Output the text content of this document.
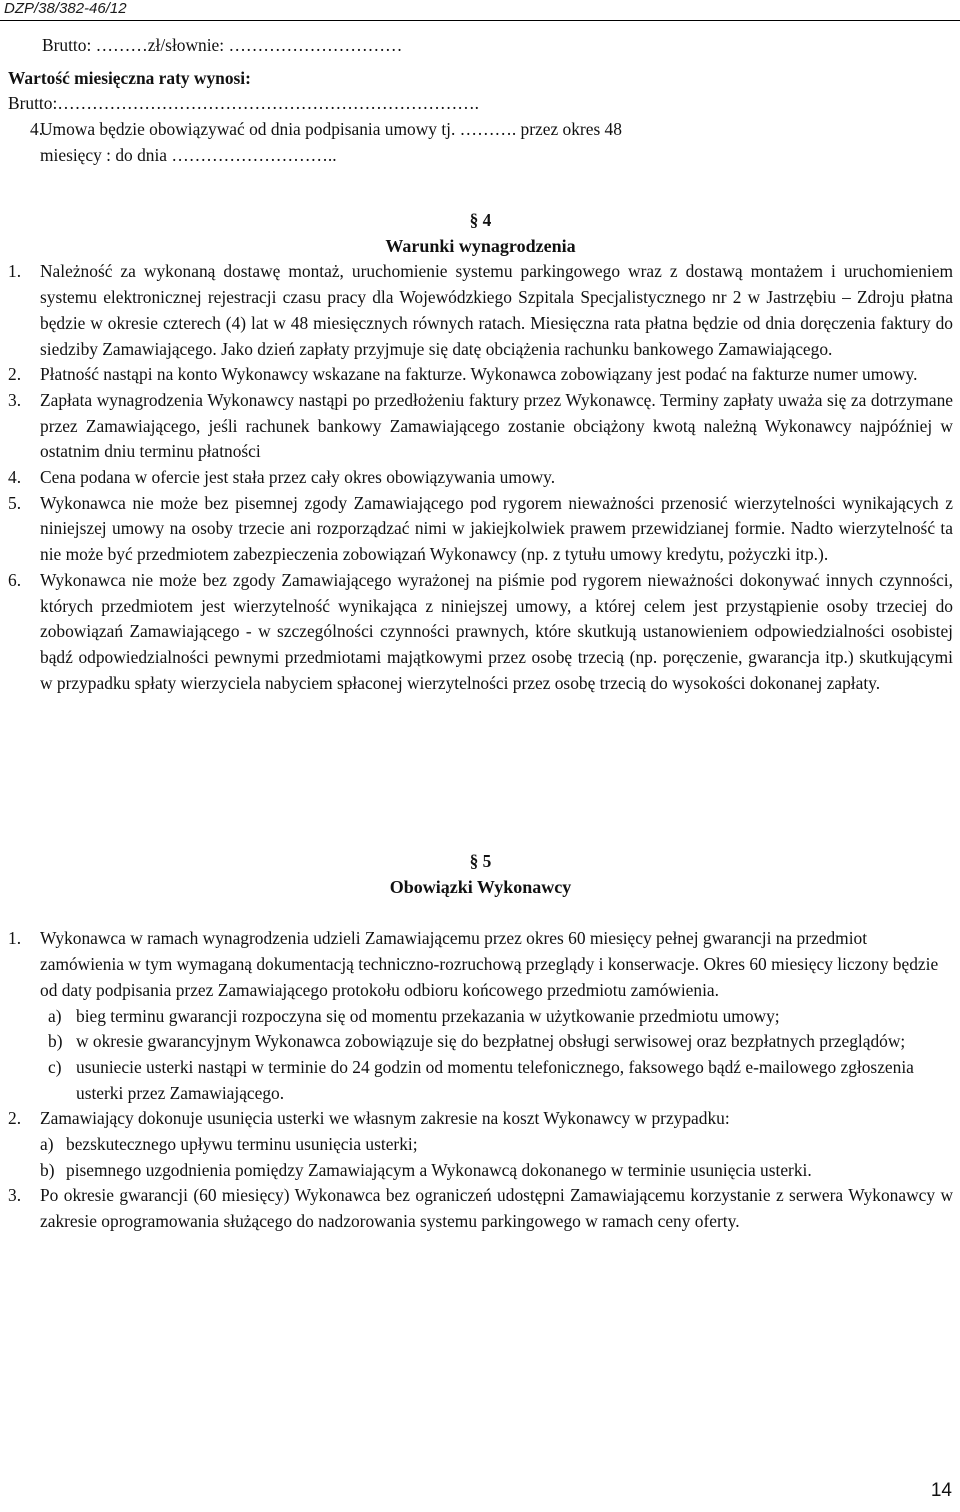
DZP/38/382-46/12
Brutto: ………zł/słownie: …………………………
Wartość miesięczna raty wynosi:
Brutto:……………………………………………………………….
4.
Umowa będzie obowiązywać od dnia podpisania umowy tj. ………. przez okres 48
miesięcy : do dnia ………………………..
§ 4
Warunki wynagrodzenia
1. Należność za wykonaną dostawę montaż, uruchomienie systemu parkingowego wraz z dostawą montażem i uruchomieniem systemu elektronicznej rejestracji czasu pracy dla Wojewódzkiego Szpitala Specjalistycznego nr 2 w Jastrzębiu – Zdroju płatna będzie w okresie czterech (4) lat w 48 miesięcznych równych ratach. Miesięczna rata płatna będzie od dnia doręczenia faktury do siedziby Zamawiającego. Jako dzień zapłaty przyjmuje się datę obciążenia rachunku bankowego Zamawiającego.
2. Płatność nastąpi na konto Wykonawcy wskazane na fakturze. Wykonawca zobowiązany jest podać na fakturze numer umowy.
3. Zapłata wynagrodzenia Wykonawcy nastąpi po przedłożeniu faktury przez Wykonawcę. Terminy zapłaty uważa się za dotrzymane przez Zamawiającego, jeśli rachunek bankowy Zamawiającego zostanie obciążony kwotą należną Wykonawcy najpóźniej w ostatnim dniu terminu płatności
4. Cena podana w ofercie jest stała przez cały okres obowiązywania umowy.
5. Wykonawca nie może bez pisemnej zgody Zamawiającego pod rygorem nieważności przenosić wierzytelności wynikających z niniejszej umowy na osoby trzecie ani rozporządzać nimi w jakiejkolwiek prawem przewidzianej formie. Nadto wierzytelność ta nie może być przedmiotem zabezpieczenia zobowiązań Wykonawcy (np. z tytułu umowy kredytu, pożyczki itp.).
6. Wykonawca nie może bez zgody Zamawiającego wyrażonej na piśmie pod rygorem nieważności dokonywać innych czynności, których przedmiotem jest wierzytelność wynikająca z niniejszej umowy, a której celem jest przystąpienie osoby trzeciej do zobowiązań Zamawiającego - w szczególności czynności prawnych, które skutkują ustanowieniem odpowiedzialności osobistej bądź odpowiedzialności pewnymi przedmiotami majątkowymi przez osobę trzecią (np. poręczenie, gwarancja itp.) skutkującymi w przypadku spłaty wierzyciela nabyciem spłaconej wierzytelności przez osobę trzecią do wysokości dokonanej zapłaty.
§ 5
Obowiązki Wykonawcy
1. Wykonawca w ramach wynagrodzenia udzieli Zamawiającemu przez okres 60 miesięcy pełnej gwarancji na przedmiot zamówienia w tym wymaganą dokumentacją techniczno-rozruchową przeglądy i konserwacje. Okres 60 miesięcy liczony będzie od daty podpisania przez Zamawiającego protokołu odbioru końcowego przedmiotu zamówienia.
a) bieg terminu gwarancji rozpoczyna się od momentu przekazania w użytkowanie przedmiotu umowy;
b) w okresie gwarancyjnym Wykonawca zobowiązuje się do bezpłatnej obsługi serwisowej oraz bezpłatnych przeglądów;
c) usuniecie usterki nastąpi w terminie do 24 godzin od momentu telefonicznego, faksowego bądź e-mailowego zgłoszenia usterki przez Zamawiającego.
2. Zamawiający dokonuje usunięcia usterki we własnym zakresie na koszt Wykonawcy w przypadku:
a) bezskutecznego upływu terminu usunięcia usterki;
b) pisemnego uzgodnienia pomiędzy Zamawiającym a Wykonawcą dokonanego w terminie usunięcia usterki.
3. Po okresie gwarancji (60 miesięcy) Wykonawca bez ograniczeń udostępni Zamawiającemu korzystanie z serwera Wykonawcy w zakresie oprogramowania służącego do nadzorowania systemu parkingowego w ramach ceny oferty.
14
